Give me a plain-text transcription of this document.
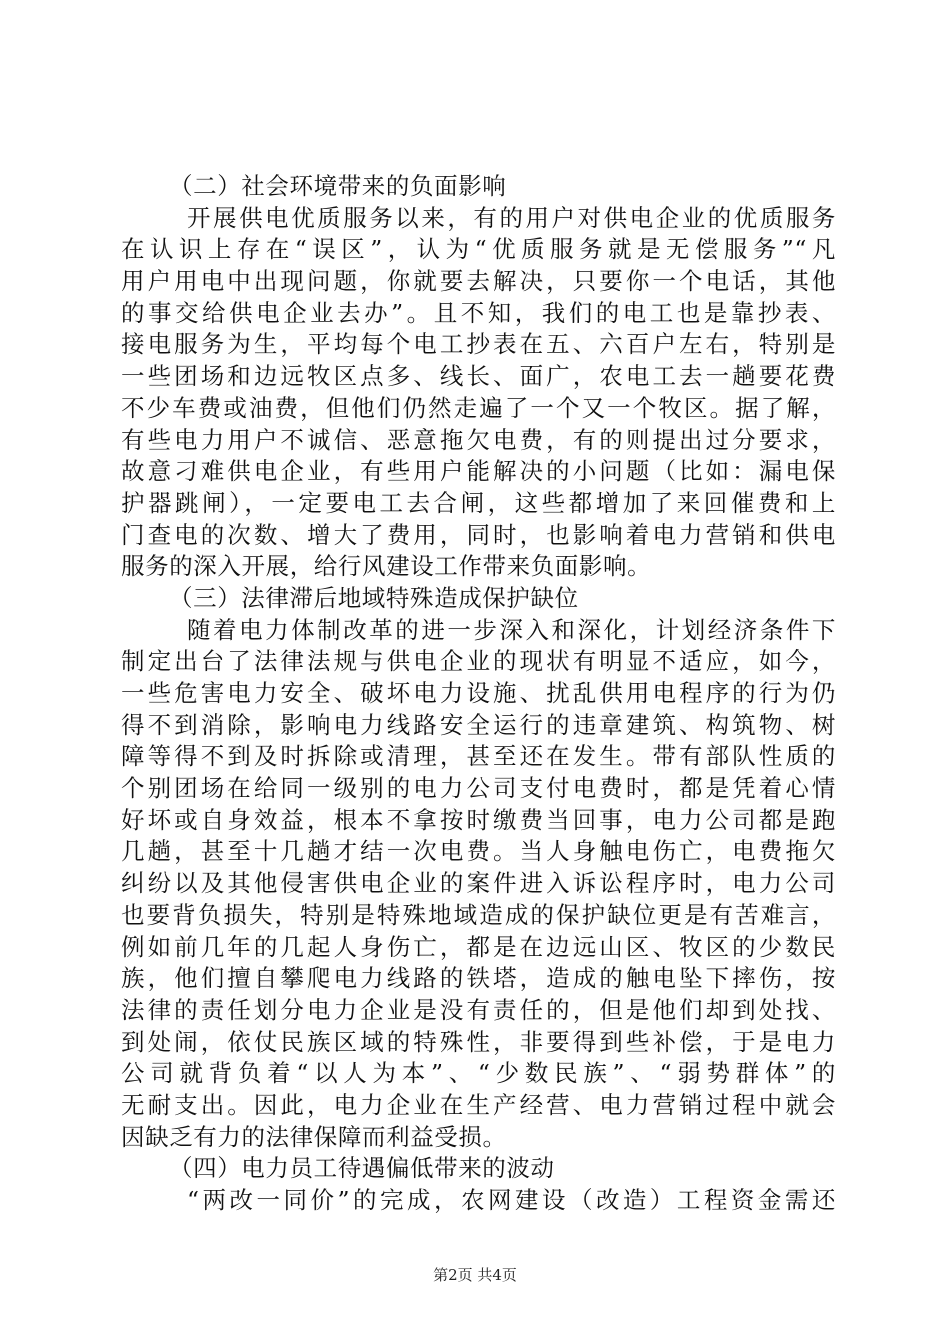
（二）社会环境带来的负面影响
开展供电优质服务以来，有的用户对供电企业的优质服务
在认识上存在“误区”，认为“优质服务就是无偿服务”“凡
用户用电中出现问题，你就要去解决，只要你一个电话，其他
的事交给供电企业去办”。且不知，我们的电工也是靠抄表、
接电服务为生，平均每个电工抄表在五、六百户左右，特别是
一些团场和边远牧区点多、线长、面广，农电工去一趟要花费
不少车费或油费，但他们仍然走遍了一个又一个牧区。据了解，
有些电力用户不诚信、恶意拖欠电费，有的则提出过分要求，
故意刁难供电企业，有些用户能解决的小问题（比如：漏电保
护器跳闸），一定要电工去合闸，这些都增加了来回催费和上
门查电的次数、增大了费用，同时，也影响着电力营销和供电
服务的深入开展，给行风建设工作带来负面影响。
（三）法律滞后地域特殊造成保护缺位
随着电力体制改革的进一步深入和深化，计划经济条件下
制定出台了法律法规与供电企业的现状有明显不适应，如今，
一些危害电力安全、破坏电力设施、扰乱供用电程序的行为仍
得不到消除，影响电力线路安全运行的违章建筑、构筑物、树
障等得不到及时拆除或清理，甚至还在发生。带有部队性质的
个别团场在给同一级别的电力公司支付电费时，都是凭着心情
好坏或自身效益，根本不拿按时缴费当回事，电力公司都是跑
几趟，甚至十几趟才结一次电费。当人身触电伤亡，电费拖欠
纠纷以及其他侵害供电企业的案件进入诉讼程序时，电力公司
也要背负损失，特别是特殊地域造成的保护缺位更是有苦难言，
例如前几年的几起人身伤亡，都是在边远山区、牧区的少数民
族，他们擅自攀爬电力线路的铁塔，造成的触电坠下摔伤，按
法律的责任划分电力企业是没有责任的，但是他们却到处找、
到处闹，依仗民族区域的特殊性，非要得到些补偿，于是电力
公司就背负着“以人为本”、“少数民族”、“弱势群体”的
无耐支出。因此，电力企业在生产经营、电力营销过程中就会
因缺乏有力的法律保障而利益受损。
（四）电力员工待遇偏低带来的波动
“两改一同价”的完成，农网建设（改造）工程资金需还
第2页 共4页
